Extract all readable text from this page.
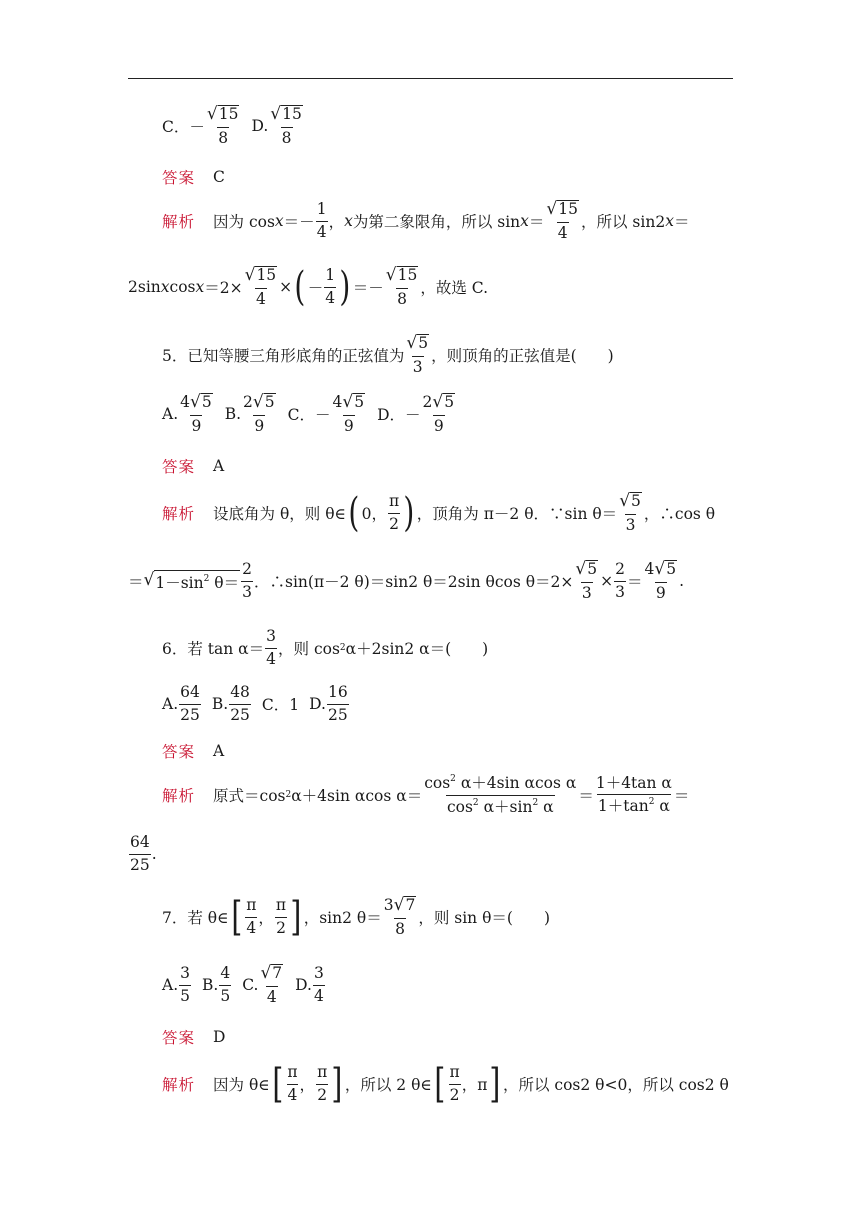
C． － $\frac{√ 15}{8} D$. $\frac{√ 15}{8}$
答案 C
解析 因为 $\cos x =- \frac{1}{4}$ ， x 为第二象限角，所以 $\sin x = \frac{√ 15}{4}$ ，所以 sin2 x ＝
2sin x $\cos x =2\times \frac{√ 15}{4}$ × ( － $\frac{1}{4}$ ) ＝－ $\frac{√ 15}{8}$ ，故选 C.
5．已知等腰三角形底角的正弦值为 $\frac{√ 5}{3}$ ，则顶角的正弦值是(　　)
A. $\frac{4 √ 5}{9} B$. $\frac{2 √ 5}{9}$ C．－ $\frac{4 √ 5}{9}$ D．－ $\frac{2 √ 5}{9}$
答案 A
解析 设底角为 θ，则 θ∈ ( 0， $\frac{\pi}{2}$ ) ，顶角为 π－2 θ．∵sin $\theta= \frac{√ 5}{3}$ ，∴cos θ
＝ √ $1-\sin^2$ $\theta= \frac{2}{3}$ ．∴sin(π－2 θ)＝sin2 θ＝2sin θcos $\theta=2\times \frac{√ 5}{3} \times \frac{2}{3} = \frac{4 √ 5}{9}$ .
6．若 $\tan \alpha= \frac{3}{4}$ ，则 cos 2 α＋2sin2 α＝(　　)
A. $\frac{64}{25} B$. $\frac{48}{25}$ C．1 D. $\frac{16}{25}$
答案 A
解析 原式＝cos 2 α＋4sin αcos $\alpha= \frac{\cos^2 \alpha+4\sin \alpha\cos \alpha}{\cos^2 \alpha+\sin^2 \alpha} = \frac{\text{1＋4tan α}}{1+\tan^2 \alpha}$ ＝
$\frac{64}{25}$ .
7．若 θ∈ [ $\frac{\pi}{4}$ ， $\frac{\pi}{2}$ ] ，sin2 $\theta= \frac{3 √ 7}{8}$ ，则 sin θ＝(　　)
A. $\frac{3}{5} B$. $\frac{4}{5} C$. $\frac{√ 7}{4} D$. $\frac{3}{4}$
答案 D
解析 因为 θ∈ [ $\frac{\pi}{4}$ ， $\frac{\pi}{2}$ ] ，所以 2 θ∈ [ $\frac{\pi}{2}$ ，π ] ，所以 cos2 θ<0，所以 cos2 θ
